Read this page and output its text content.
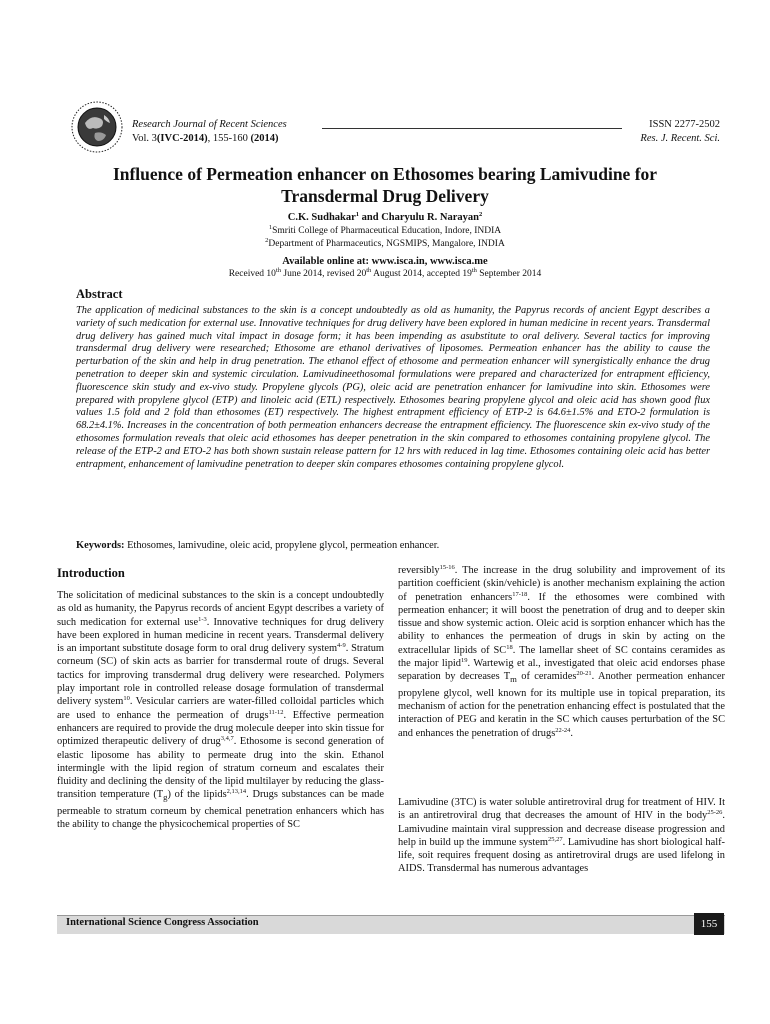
Research Journal of Recent Sciences
Vol. 3(IVC-2014), 155-160 (2014)
ISSN 2277-2502
Res. J. Recent. Sci.
Influence of Permeation enhancer on Ethosomes bearing Lamivudine for
Transdermal Drug Delivery
C.K. Sudhakar$^1$ and Charyulu R. Narayan$^2$
$^1$Smriti College of Pharmaceutical Education, Indore, INDIA
$^2$Department of Pharmaceutics, NGSMIPS, Mangalore, INDIA
Available online at: www.isca.in, www.isca.me
Received 10th June 2014, revised 20th August 2014, accepted 19th September 2014
Abstract
The application of medicinal substances to the skin is a concept undoubtedly as old as humanity, the Papyrus records of ancient Egypt describes a variety of such medication for external use. Innovative techniques for drug delivery have been explored in human medicine in recent years. Transdermal drug delivery has gained much vital impact in dosage form; it has been impending as asubstitute to oral delivery. Several tactics for improving transdermal drug delivery were researched; Ethosome are ethanol derivatives of liposomes. Permeation enhancer has the ability to cause the perturbation of the skin and help in drug penetration. The ethanol effect of ethosome and permeation enhancer will synergistically enhance the drug penetration to deeper skin and systemic circulation. Lamivudineethosomal formulations were prepared and characterized for entrapment efficiency, fluorescence skin study and ex-vivo study. Propylene glycols (PG), oleic acid are penetration enhancer for lamivudine into skin. Ethosomes were prepared with propylene glycol (ETP) and linoleic acid (ETL) respectively. Ethosomes bearing propylene glycol and oleic acid has shown good flux values 1.5 fold and 2 fold than ethosomes (ET) respectively. The highest entrapment efficiency of ETP-2 is 64.6±1.5% and ETO-2 formulation is 68.2±4.1%. Increases in the concentration of both permeation enhancers decrease the entrapment efficiency. The fluorescence skin ex-vivo study of the ethosomes formulation reveals that oleic acid ethosomes has deeper penetration in the skin compared to ethosomes containing propylene glycol. The release of the ETP-2 and ETO-2 has both shown sustain release pattern for 12 hrs with reduced in lag time. Ethosomes containing oleic acid has better entrapment, enhancement of lamivudine penetration to deeper skin compares ethosomes containing propylene glycol.
Keywords: Ethosomes, lamivudine, oleic acid, propylene glycol, permeation enhancer.
Introduction
The solicitation of medicinal substances to the skin is a concept undoubtedly as old as humanity, the Papyrus records of ancient Egypt describes a variety of such medication for external use$^{1-3}$. Innovative techniques for drug delivery have been explored in human medicine in recent years. Transdermal delivery is an important substitute dosage form to oral drug delivery system$^{4-9}$. Stratum corneum (SC) of skin acts as barrier for transdermal route of drugs. Several tactics for improving transdermal drug delivery were researched. Polymers play important role in controlled release dosage formulation of transdermal delivery system$^{10}$. Vesicular carriers are water-filled colloidal particles which are used to enhance the permeation of drugs$^{11-12}$. Effective permeation enhancers are required to provide the drug molecule deeper into skin tissue for optimized therapeutic delivery of drug$^{3,4,7}$. Ethosome is second generation of elastic liposome has ability to permeate drug into the skin. Ethanol intermingle with the lipid region of stratum corneum and escalates their fluidity and declining the density of the lipid multilayer by reducing the glass-transition temperature $(T_g)$ of the lipids$^{2,13,14}$. Drugs substances can be made permeable to stratum corneum by chemical penetration enhancers which has the ability to change the physicochemical properties of SC
reversibly$^{15-16}$. The increase in the drug solubility and improvement of its partition coefficient (skin/vehicle) is another mechanism explaining the action of penetration enhancers$^{17-18}$. If the ethosomes were combined with permeation enhancer; it will boost the penetration of drug and to deeper skin tissue and show systemic action. Oleic acid is sorption enhancer which has the ability to enhances the permeation of drugs in skin by acting on the extracellular lipids of SC$^{18}$. The lamellar sheet of SC contains ceramides as the major lipid$^{19}$. Wartewig et al., investigated that oleic acid endorses phase separation by decreases $T_m$ of ceramides$^{20-21}$. Another permeation enhancer propylene glycol, well known for its multiple use in topical preparation, its mechanism of action for the penetration enhancing effect is postulated that the interaction of PEG and keratin in the SC which causes perturbation of the SC and enhances the penetration of drugs$^{22-24}$.
Lamivudine (3TC) is water soluble antiretroviral drug for treatment of HIV. It is an antiretroviral drug that decreases the amount of HIV in the body$^{25-26}$. Lamivudine maintain viral suppression and decrease disease progression and help in build up the immune system$^{25,27}$. Lamivudine has short biological half-life, soit requires frequent dosing as antiretroviral drugs are used lifelong in AIDS. Transdermal has numerous advantages
International Science Congress Association	155
